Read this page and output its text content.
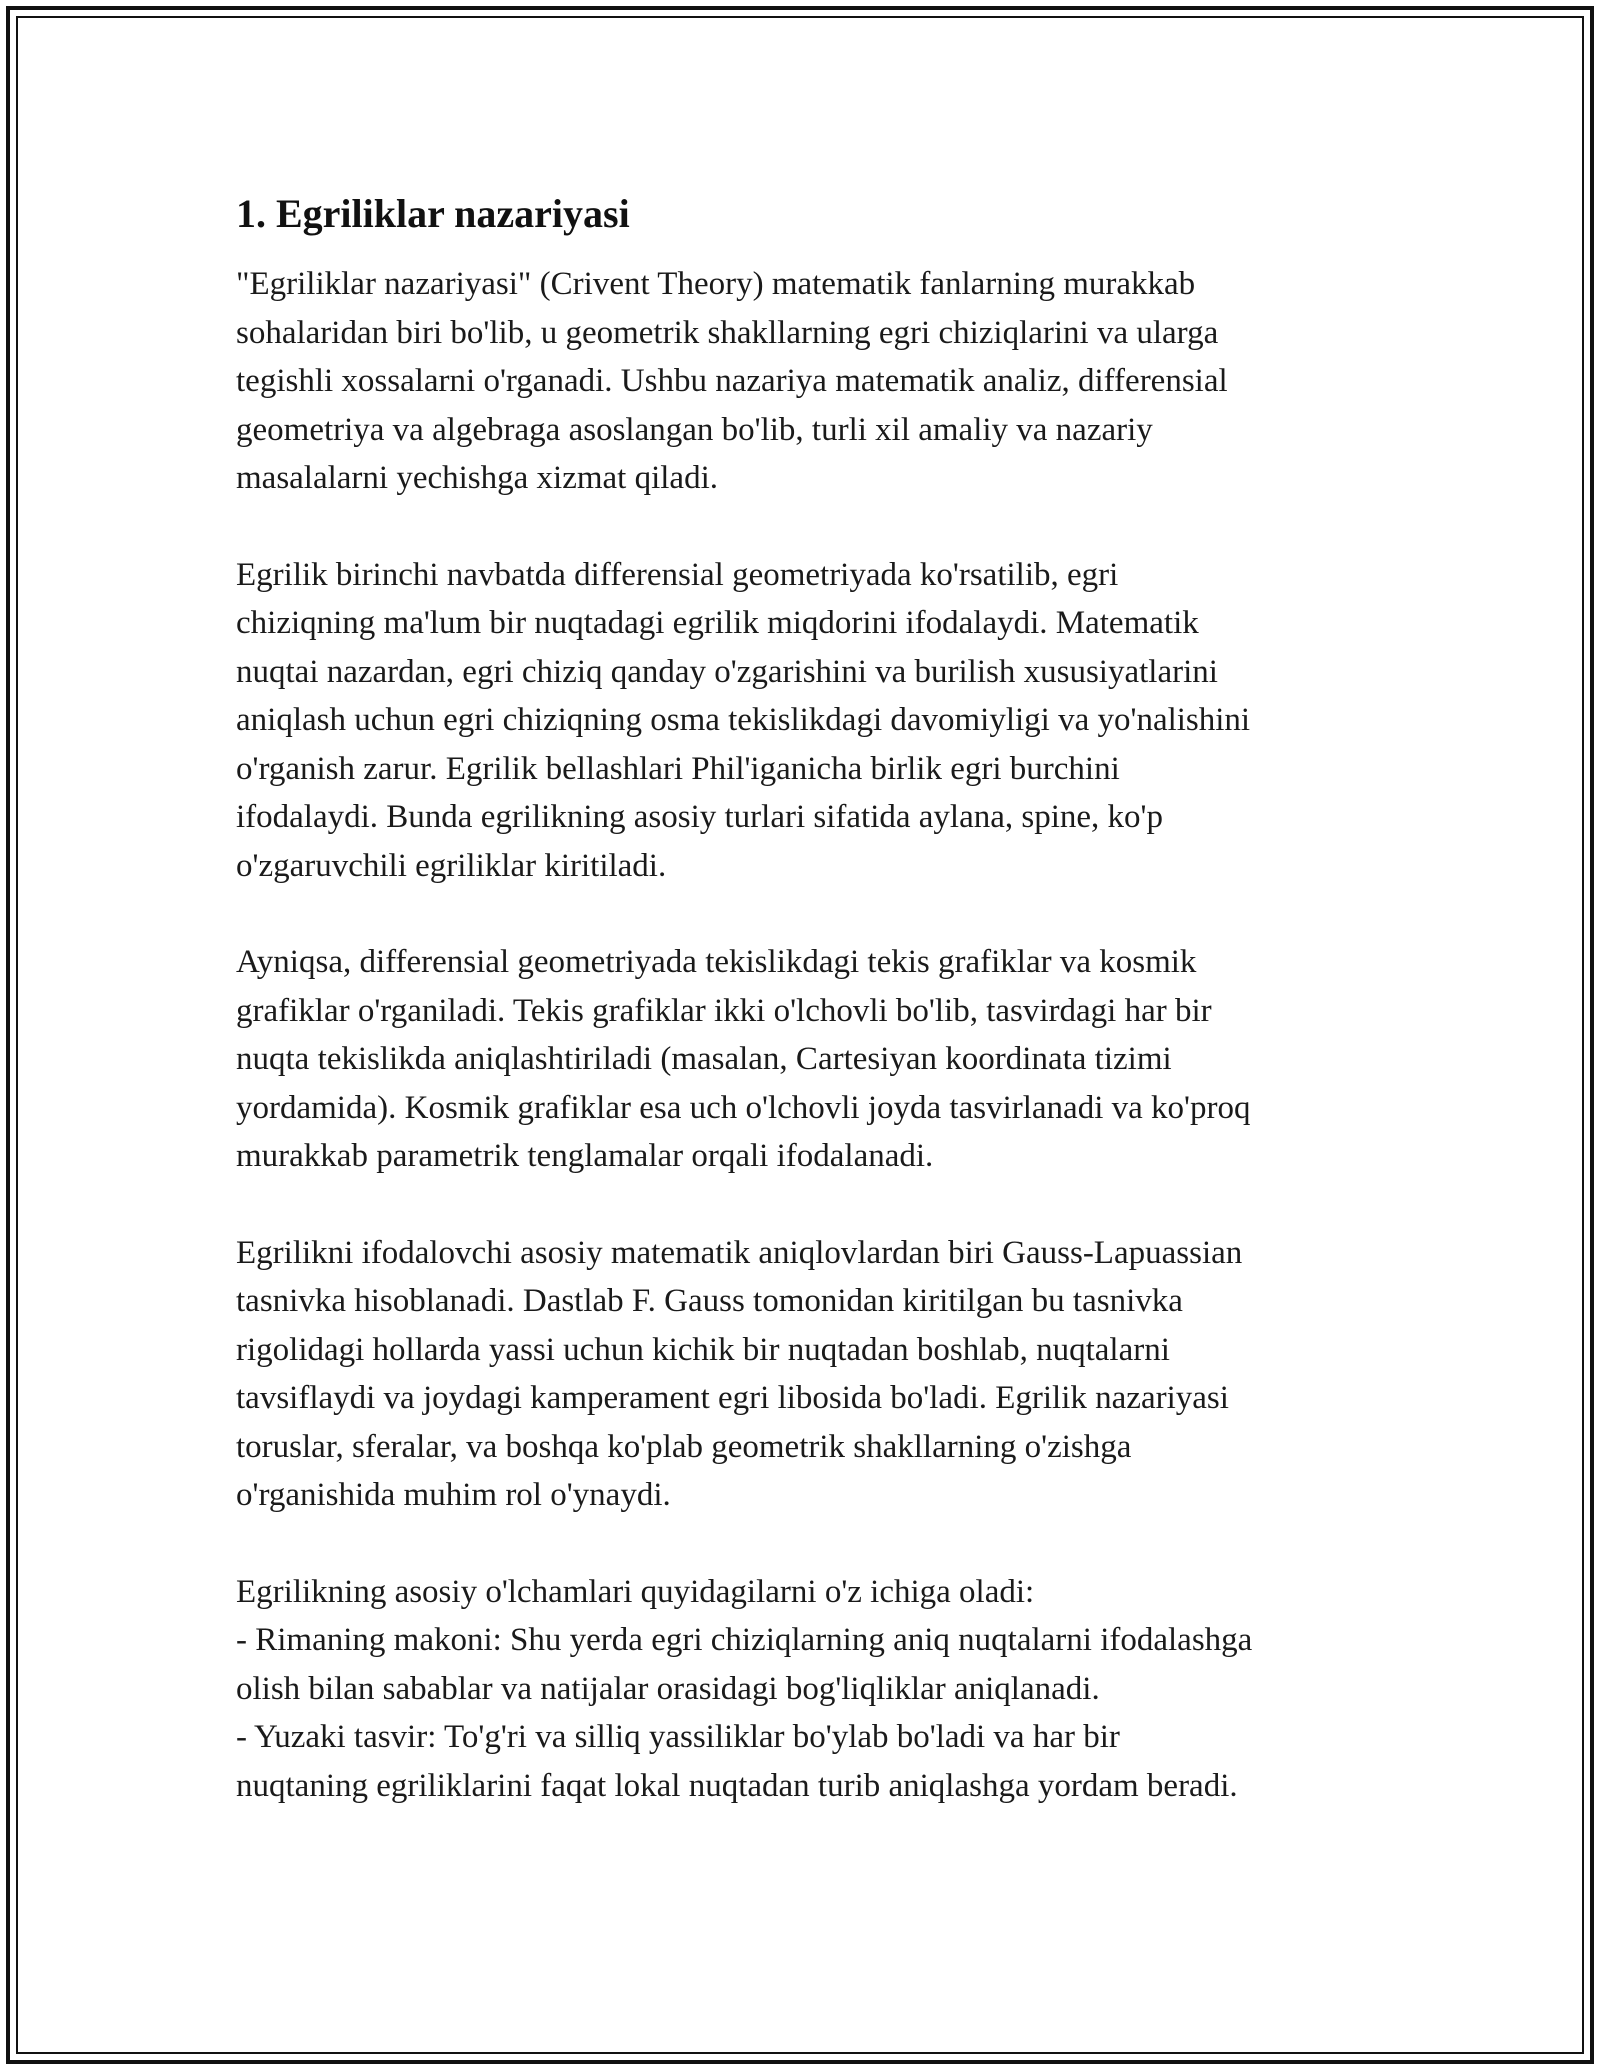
1. Egriliklar nazariyasi

"Egriliklar nazariyasi" (Crivent Theory) matematik fanlarning murakkab
sohalaridan biri bo'lib, u geometrik shakllarning egri chiziqlarini va ularga
tegishli xossalarni o'rganadi. Ushbu nazariya matematik analiz, differensial
geometriya va algebraga asoslangan bo'lib, turli xil amaliy va nazariy
masalalarni yechishga xizmat qiladi.

Egrilik birinchi navbatda differensial geometriyada ko'rsatilib, egri
chiziqning ma'lum bir nuqtadagi egrilik miqdorini ifodalaydi. Matematik
nuqtai nazardan, egri chiziq qanday o'zgarishini va burilish xususiyatlarini
aniqlash uchun egri chiziqning osma tekislikdagi davomiyligi va yo'nalishini
o'rganish zarur. Egrilik bellashlari Phil'iganicha birlik egri burchini
ifodalaydi. Bunda egrilikning asosiy turlari sifatida aylana, spine, ko'p
o'zgaruvchili egriliklar kiritiladi.

Ayniqsa, differensial geometriyada tekislikdagi tekis grafiklar va kosmik
grafiklar o'rganiladi. Tekis grafiklar ikki o'lchovli bo'lib, tasvirdagi har bir
nuqta tekislikda aniqlashtiriladi (masalan, Cartesiyan koordinata tizimi
yordamida). Kosmik grafiklar esa uch o'lchovli joyda tasvirlanadi va ko'proq
murakkab parametrik tenglamalar orqali ifodalanadi.

Egrilikni ifodalovchi asosiy matematik aniqlovlardan biri Gauss-Lapuassian
tasnivka hisoblanadi. Dastlab F. Gauss tomonidan kiritilgan bu tasnivka
rigolidagi hollarda yassi uchun kichik bir nuqtadan boshlab, nuqtalarni
tavsiflaydi va joydagi kamperament egri libosida bo'ladi. Egrilik nazariyasi
toruslar, sferalar, va boshqa ko'plab geometrik shakllarning o'zishga
o'rganishida muhim rol o'ynaydi.

Egrilikning asosiy o'lchamlari quyidagilarni o'z ichiga oladi:
- Rimaning makoni: Shu yerda egri chiziqlarning aniq nuqtalarni ifodalashga
olish bilan sabablar va natijalar orasidagi bog'liqliklar aniqlanadi.
- Yuzaki tasvir: To'g'ri va silliq yassiliklar bo'ylab bo'ladi va har bir
nuqtaning egriliklarini faqat lokal nuqtadan turib aniqlashga yordam beradi.
